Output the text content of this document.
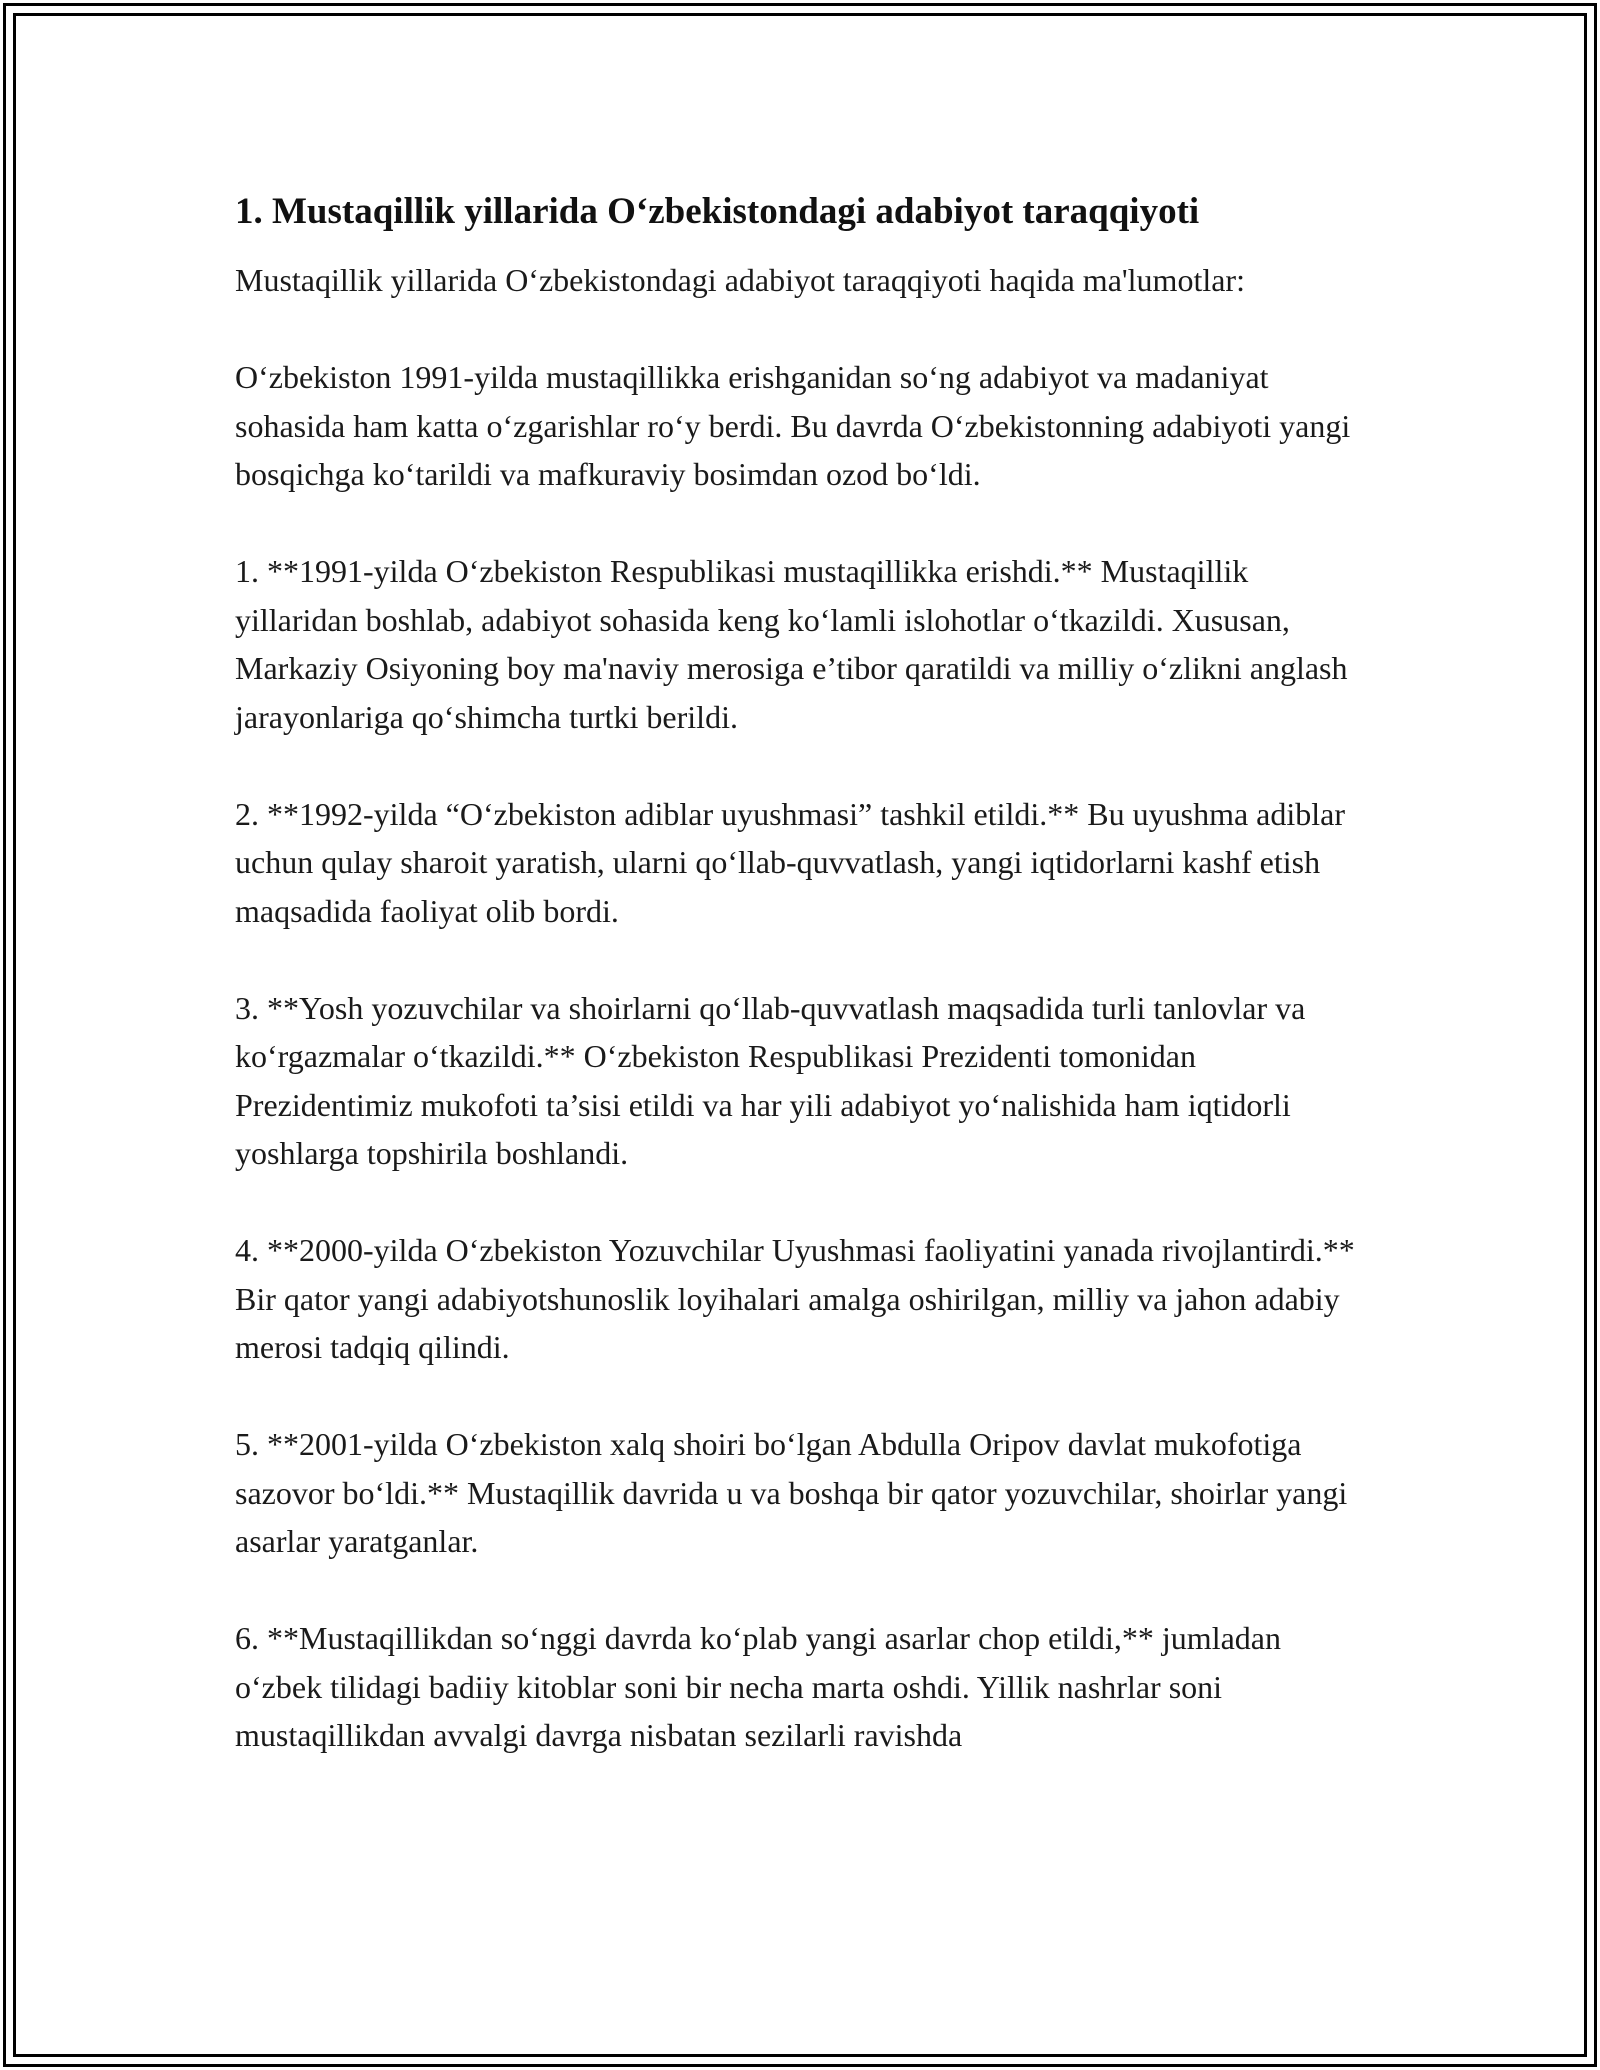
1. Mustaqillik yillarida O‘zbekistondagi adabiyot taraqqiyoti

Mustaqillik yillarida O‘zbekistondagi adabiyot taraqqiyoti haqida ma'lumotlar:

O‘zbekiston 1991-yilda mustaqillikka erishganidan so‘ng adabiyot va madaniyat sohasida ham katta o‘zgarishlar ro‘y berdi. Bu davrda O‘zbekistonning adabiyoti yangi bosqichga ko‘tarildi va mafkuraviy bosimdan ozod bo‘ldi.

1. **1991-yilda O‘zbekiston Respublikasi mustaqillikka erishdi.** Mustaqillik yillaridan boshlab, adabiyot sohasida keng ko‘lamli islohotlar o‘tkazildi. Xususan, Markaziy Osiyoning boy ma'naviy merosiga e’tibor qaratildi va milliy o‘zlikni anglash jarayonlariga qo‘shimcha turtki berildi.

2. **1992-yilda “O‘zbekiston adiblar uyushmasi” tashkil etildi.** Bu uyushma adiblar uchun qulay sharoit yaratish, ularni qo‘llab-quvvatlash, yangi iqtidorlarni kashf etish maqsadida faoliyat olib bordi.

3. **Yosh yozuvchilar va shoirlarni qo‘llab-quvvatlash maqsadida turli tanlovlar va ko‘rgazmalar o‘tkazildi.** O‘zbekiston Respublikasi Prezidenti tomonidan Prezidentimiz mukofoti ta’sisi etildi va har yili adabiyot yo‘nalishida ham iqtidorli yoshlarga topshirila boshlandi.

4. **2000-yilda O‘zbekiston Yozuvchilar Uyushmasi faoliyatini yanada rivojlantirdi.** Bir qator yangi adabiyotshunoslik loyihalari amalga oshirilgan, milliy va jahon adabiy merosi tadqiq qilindi.

5. **2001-yilda O‘zbekiston xalq shoiri bo‘lgan Abdulla Oripov davlat mukofotiga sazovor bo‘ldi.** Mustaqillik davrida u va boshqa bir qator yozuvchilar, shoirlar yangi asarlar yaratganlar.

6. **Mustaqillikdan so‘nggi davrda ko‘plab yangi asarlar chop etildi,** jumladan o‘zbek tilidagi badiiy kitoblar soni bir necha marta oshdi. Yillik nashrlar soni mustaqillikdan avvalgi davrga nisbatan sezilarli ravishda
